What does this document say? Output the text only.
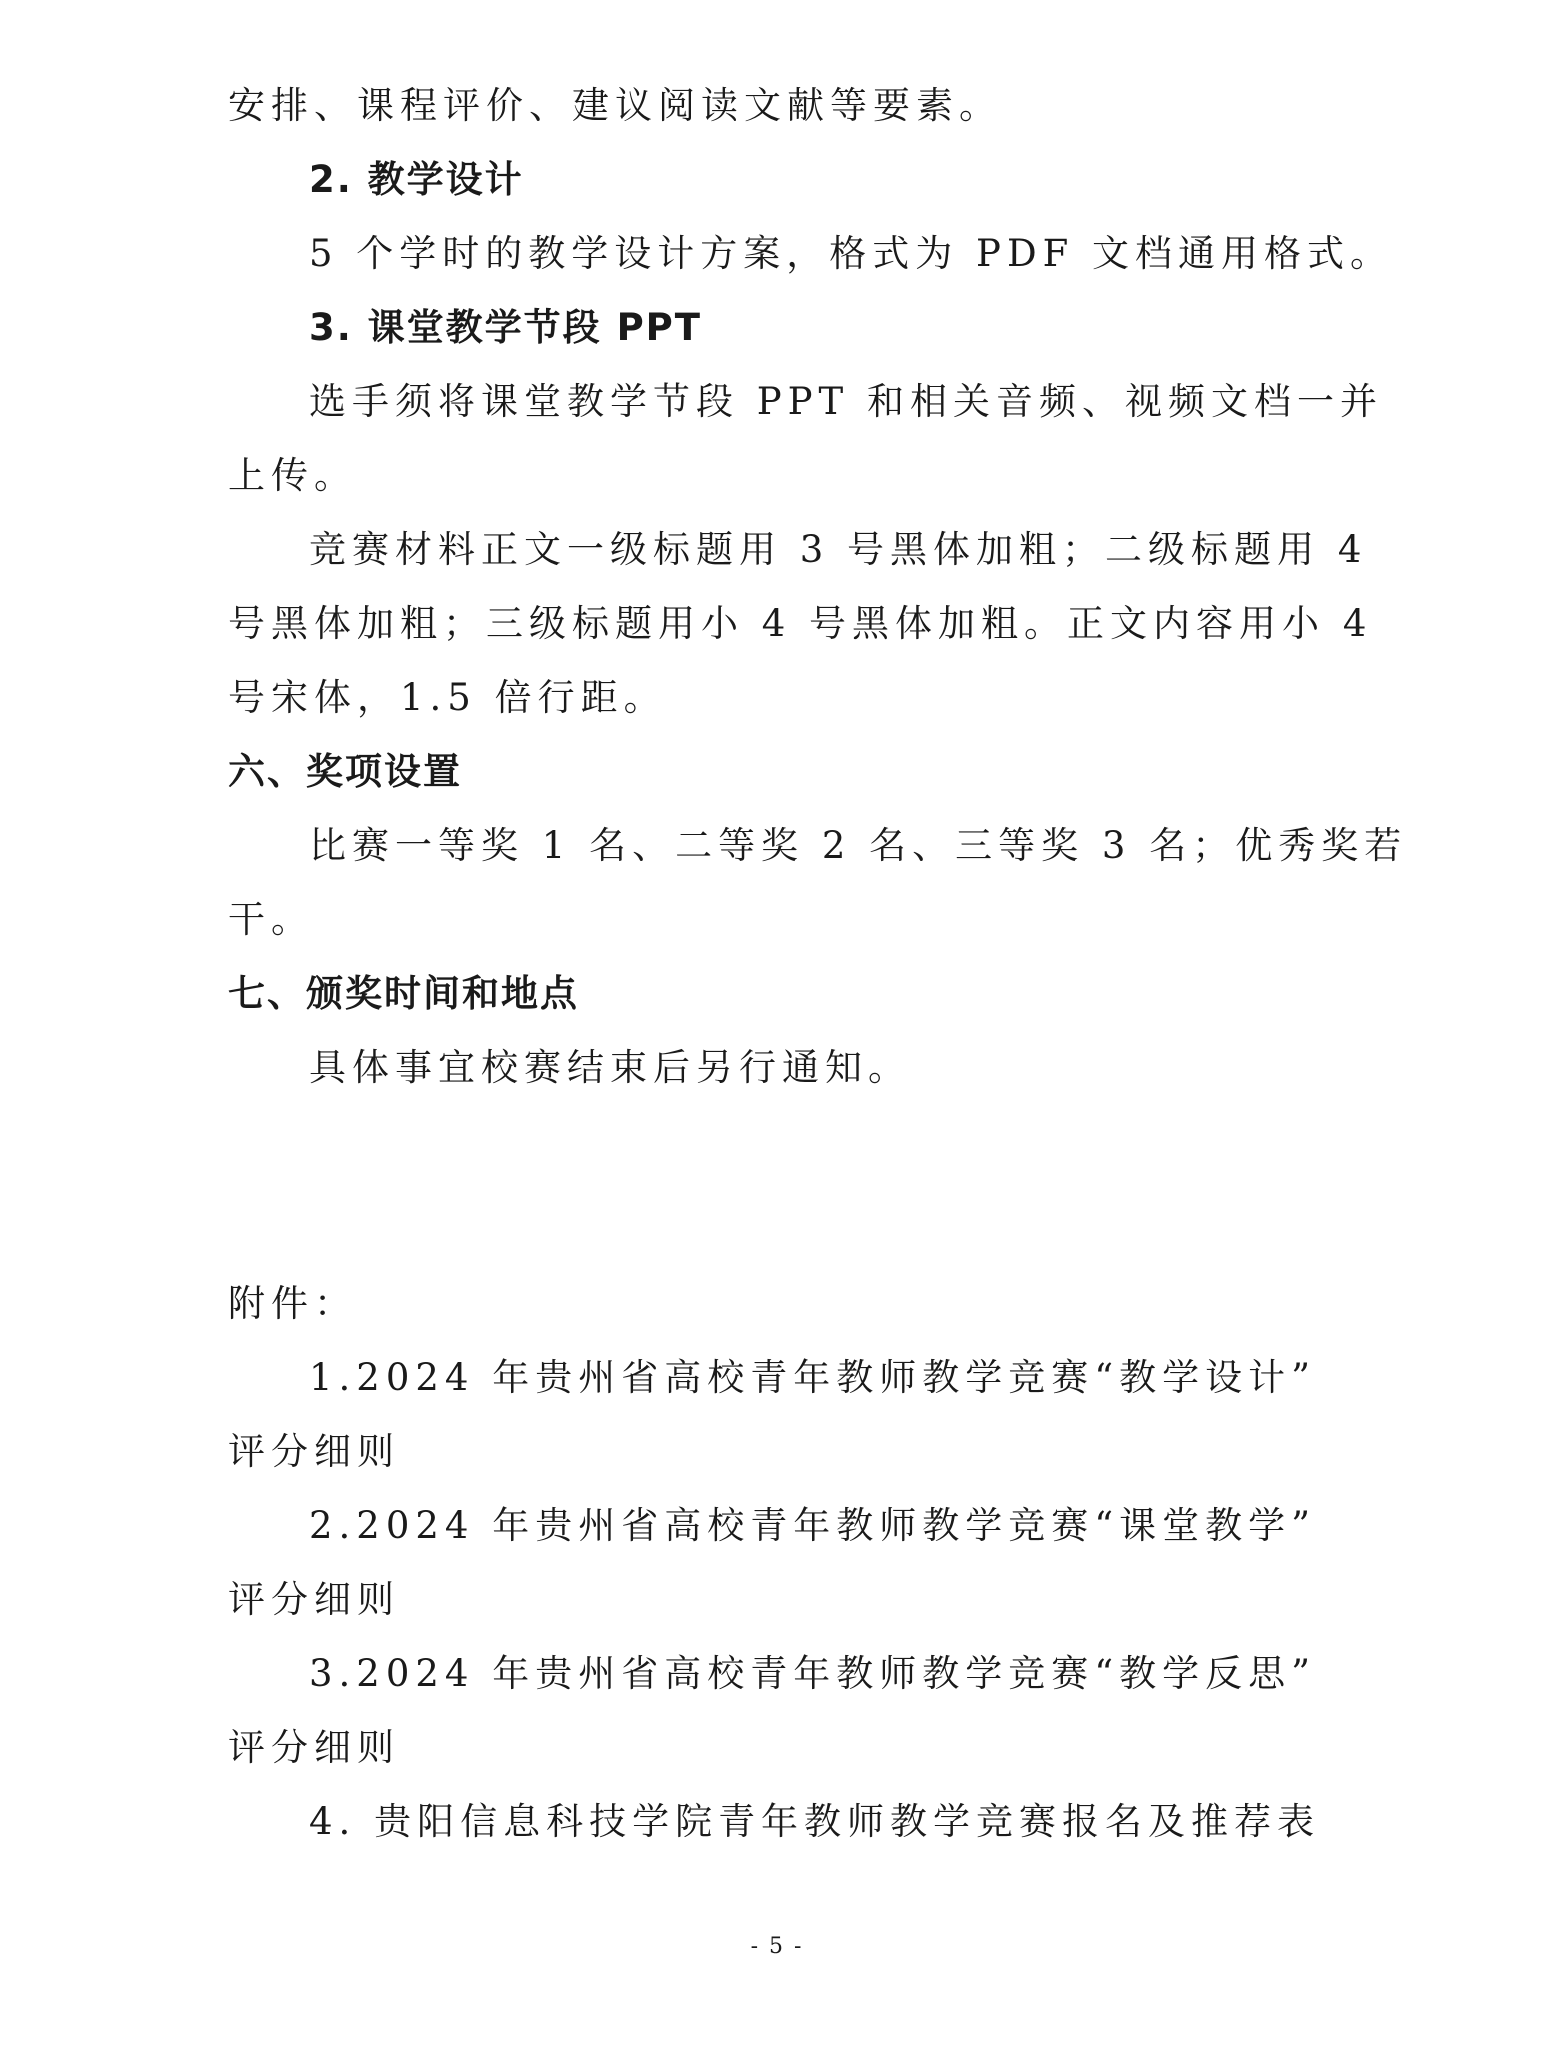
安排、课程评价、建议阅读文献等要素。
2. 教学设计
5 个学时的教学设计方案，格式为 PDF 文档通用格式。
3. 课堂教学节段 PPT
选手须将课堂教学节段 PPT 和相关音频、视频文档一并
上传。
竞赛材料正文一级标题用 3 号黑体加粗；二级标题用 4
号黑体加粗；三级标题用小 4 号黑体加粗。正文内容用小 4
号宋体，1.5 倍行距。
六、奖项设置
比赛一等奖 1 名、二等奖 2 名、三等奖 3 名；优秀奖若
干。
七、颁奖时间和地点
具体事宜校赛结束后另行通知。
附件：
1.2024 年贵州省高校青年教师教学竞赛“教学设计”
评分细则
2.2024 年贵州省高校青年教师教学竞赛“课堂教学”
评分细则
3.2024 年贵州省高校青年教师教学竞赛“教学反思”
评分细则
4. 贵阳信息科技学院青年教师教学竞赛报名及推荐表
- 5 -
